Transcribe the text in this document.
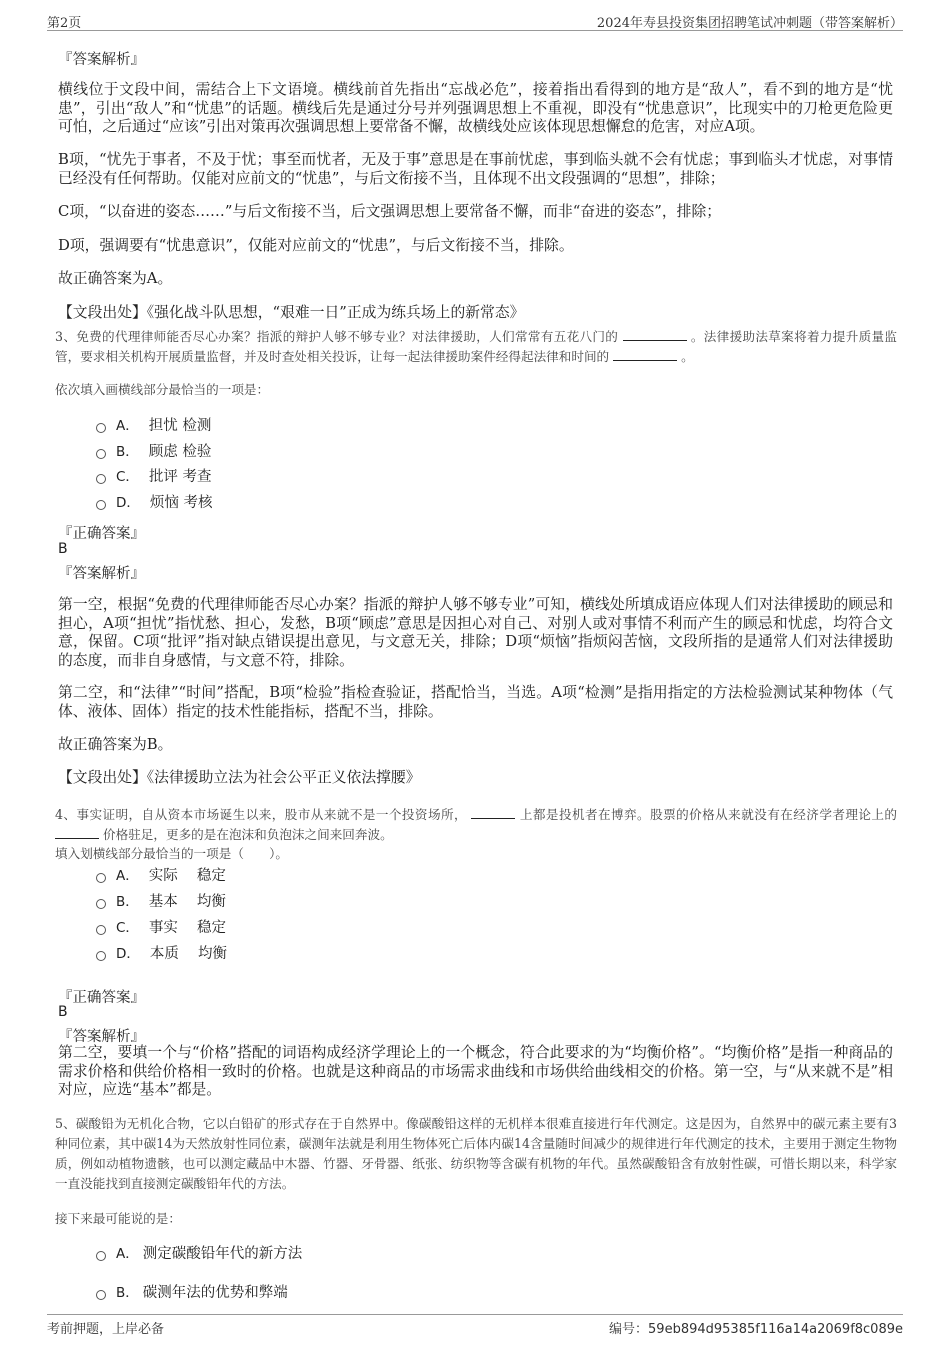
第2页	2024年寿县投资集团招聘笔试冲刺题（带答案解析）
『答案解析』
横线位于文段中间，需结合上下文语境。横线前首先指出“忘战必危”，接着指出看得到的地方是“敌人”，看不到的地方是“忧患”，引出“敌人”和“忧患”的话题。横线后先是通过分号并列强调思想上不重视，即没有“忧患意识”，比现实中的刀枪更危险更可怕，之后通过“应该”引出对策再次强调思想上要常备不懈，故横线处应该体现思想懈怠的危害，对应A项。
B项，“忧先于事者，不及于忧；事至而忧者，无及于事”意思是在事前忧虑，事到临头就不会有忧虑；事到临头才忧虑，对事情已经没有任何帮助。仅能对应前文的“忧患”，与后文衔接不当，且体现不出文段强调的“思想”，排除；
C项，“以奋进的姿态……”与后文衔接不当，后文强调思想上要常备不懈，而非“奋进的姿态”，排除；
D项，强调要有“忧患意识”，仅能对应前文的“忧患”，与后文衔接不当，排除。
故正确答案为A。
【文段出处】《强化战斗队思想，“艰难一日”正成为练兵场上的新常态》
3、免费的代理律师能否尽心办案？指派的辩护人够不够专业？对法律援助，人们常常有五花八门的	。法律援助法草案将着力提升质量监管，要求相关机构开展质量监督，并及时查处相关投诉，让每一起法律援助案件经得起法律和时间的	。
依次填入画横线部分最恰当的一项是：
A． 担忧 检测
B． 顾虑 检验
C． 批评 考查
D． 烦恼 考核
『正确答案』
B
『答案解析』
第一空，根据“免费的代理律师能否尽心办案？指派的辩护人够不够专业”可知，横线处所填成语应体现人们对法律援助的顾忌和担心，A项“担忧”指忧愁、担心，发愁，B项“顾虑”意思是因担心对自己、对别人或对事情不利而产生的顾忌和忧虑，均符合文意，保留。C项“批评”指对缺点错误提出意见，与文意无关，排除；D项“烦恼”指烦闷苦恼，文段所指的是通常人们对法律援助的态度，而非自身感情，与文意不符，排除。
第二空，和“法律”“时间”搭配，B项“检验”指检查验证，搭配恰当，当选。A项“检测”是指用指定的方法检验测试某种物体（气体、液体、固体）指定的技术性能指标，搭配不当，排除。
故正确答案为B。
【文段出处】《法律援助立法为社会公平正义依法撑腰》
4、事实证明，自从资本市场诞生以来，股市从来就不是一个投资场所，	上都是投机者在博弈。股票的价格从来就没有在经济学者理论上的  价格驻足，更多的是在泡沫和负泡沫之间来回奔波。
填入划横线部分最恰当的一项是（　　）。
A． 实际　 稳定
B． 基本　 均衡
C． 事实　 稳定
D． 本质　 均衡
『正确答案』
B
『答案解析』
第二空，要填一个与“价格”搭配的词语构成经济学理论上的一个概念，符合此要求的为“均衡价格”。“均衡价格”是指一种商品的需求价格和供给价格相一致时的价格。也就是这种商品的市场需求曲线和市场供给曲线相交的价格。第一空，与“从来就不是”相对应，应选“基本”都是。
5、碳酸铅为无机化合物，它以白铅矿的形式存在于自然界中。像碳酸铅这样的无机样本很难直接进行年代测定。这是因为，自然界中的碳元素主要有3种同位素，其中碳14为天然放射性同位素，碳测年法就是利用生物体死亡后体内碳14含量随时间减少的规律进行年代测定的技术，主要用于测定生物物质，例如动植物遗骸，也可以测定藏品中木器、竹器、牙骨器、纸张、纺织物等含碳有机物的年代。虽然碳酸铅含有放射性碳，可惜长期以来，科学家一直没能找到直接测定碳酸铅年代的方法。
接下来最可能说的是：
A． 测定碳酸铅年代的新方法
B． 碳测年法的优势和弊端
考前押题，上岸必备	编号：59eb894d95385f116a14a2069f8c089e
